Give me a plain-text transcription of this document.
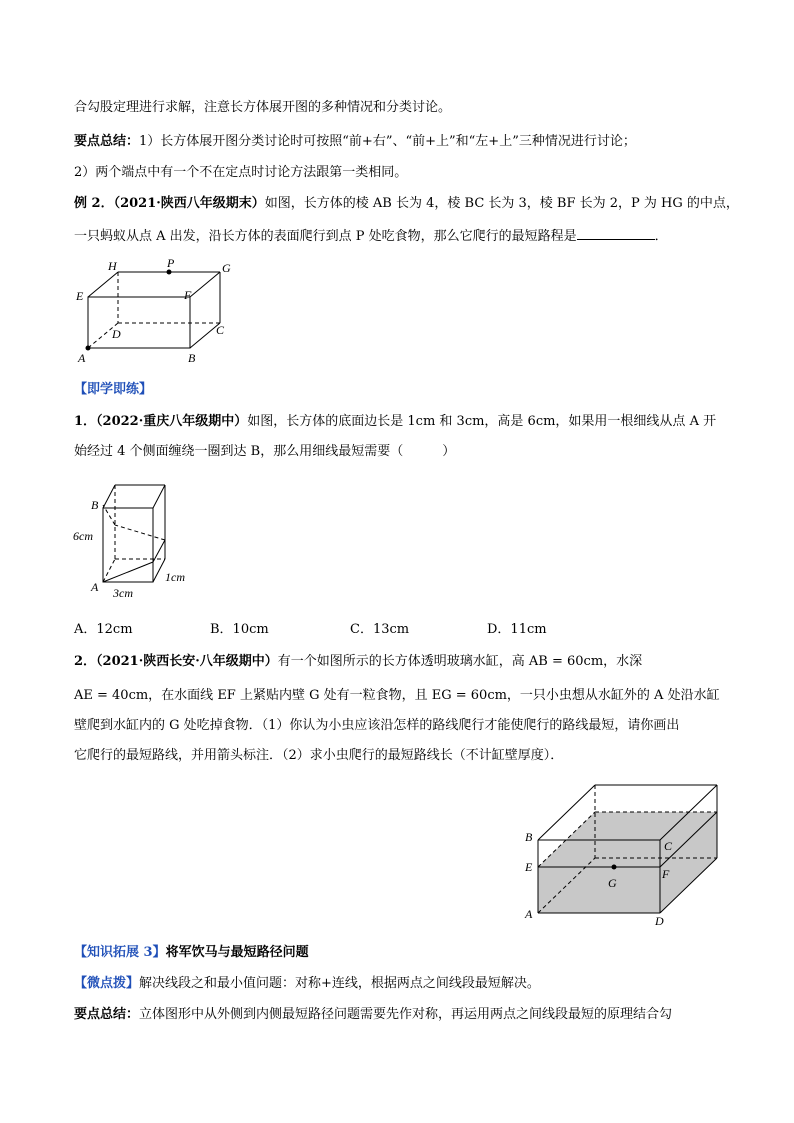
合勾股定理进行求解，注意长方体展开图的多种情况和分类讨论。
要点总结：1）长方体展开图分类讨论时可按照“前+右”、“前+上”和“左+上”三种情况进行讨论；
2）两个端点中有一个不在定点时讨论方法跟第一类相同。
例 2．（2021·陕西八年级期末）如图，长方体的棱 AB 长为 4，棱 BC 长为 3，棱 BF 长为 2，P 为 HG 的中点，
一只蚂蚁从点 A 出发，沿长方体的表面爬行到点 P 处吃食物，那么它爬行的最短路程是	．
H	P	G
E	F
D	C
A	B
【即学即练】
1．（2022·重庆八年级期中）如图，长方体的底面边长是 1cm 和 3cm，高是 6cm，如果用一根细线从点 A 开
始经过 4 个侧面缠绕一圈到达 B，那么用细线最短需要（　　　）
B
6cm
A
1cm
3cm
A．12cm	B．10cm	C．13cm	D．11cm
2．（2021·陕西长安·八年级期中）有一个如图所示的长方体透明玻璃水缸，高 AB = 60cm，水深
AE = 40cm，在水面线 EF 上紧贴内壁 G 处有一粒食物，且 EG = 60cm，一只小虫想从水缸外的 A 处沿水缸
壁爬到水缸内的 G 处吃掉食物．（1）你认为小虫应该沿怎样的路线爬行才能使爬行的路线最短，请你画出
它爬行的最短路线，并用箭头标注．（2）求小虫爬行的最短路线长（不计缸壁厚度）．
B
C
E	F
G
A	D
【知识拓展 3】将军饮马与最短路径问题
【微点拨】解决线段之和最小值问题：对称+连线，根据两点之间线段最短解决。
要点总结：立体图形中从外侧到内侧最短路径问题需要先作对称，再运用两点之间线段最短的原理结合勾
